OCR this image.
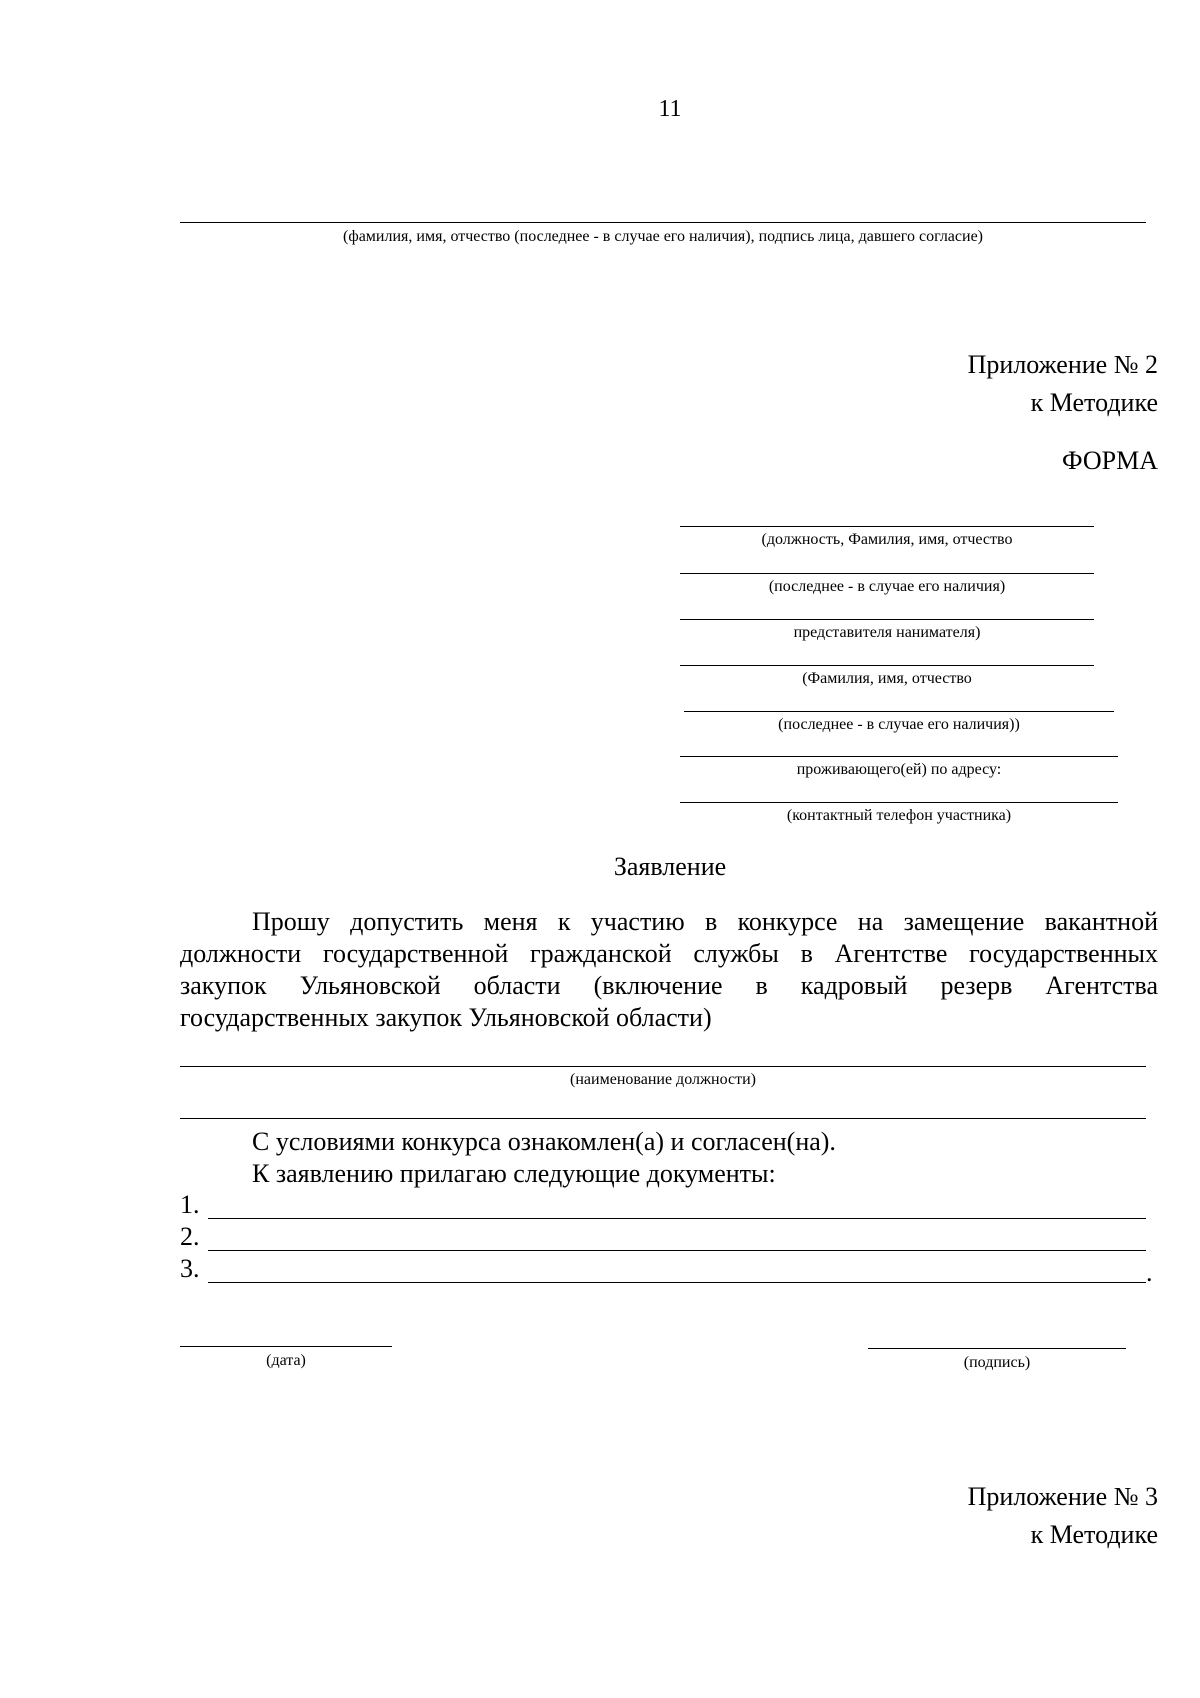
11
(фамилия, имя, отчество (последнее - в случае его наличия), подпись лица, давшего согласие)
Приложение № 2
к Методике
ФОРМА
(должность, Фамилия, имя, отчество
(последнее - в случае его наличия)
представителя нанимателя)
(Фамилия, имя, отчество
(последнее - в случае его наличия))
проживающего(ей) по адресу:
(контактный телефон участника)
Заявление
Прошу допустить меня к участию в конкурсе на замещение вакантной
должности государственной гражданской службы в Агентстве государственных
закупок Ульяновской области (включение в кадровый резерв Агентства
государственных закупок Ульяновской области)
(наименование должности)
С условиями конкурса ознакомлен(а) и согласен(на).
К заявлению прилагаю следующие документы:
1.
2.
3.	.
(дата)	(подпись)
Приложение № 3
к Методике
